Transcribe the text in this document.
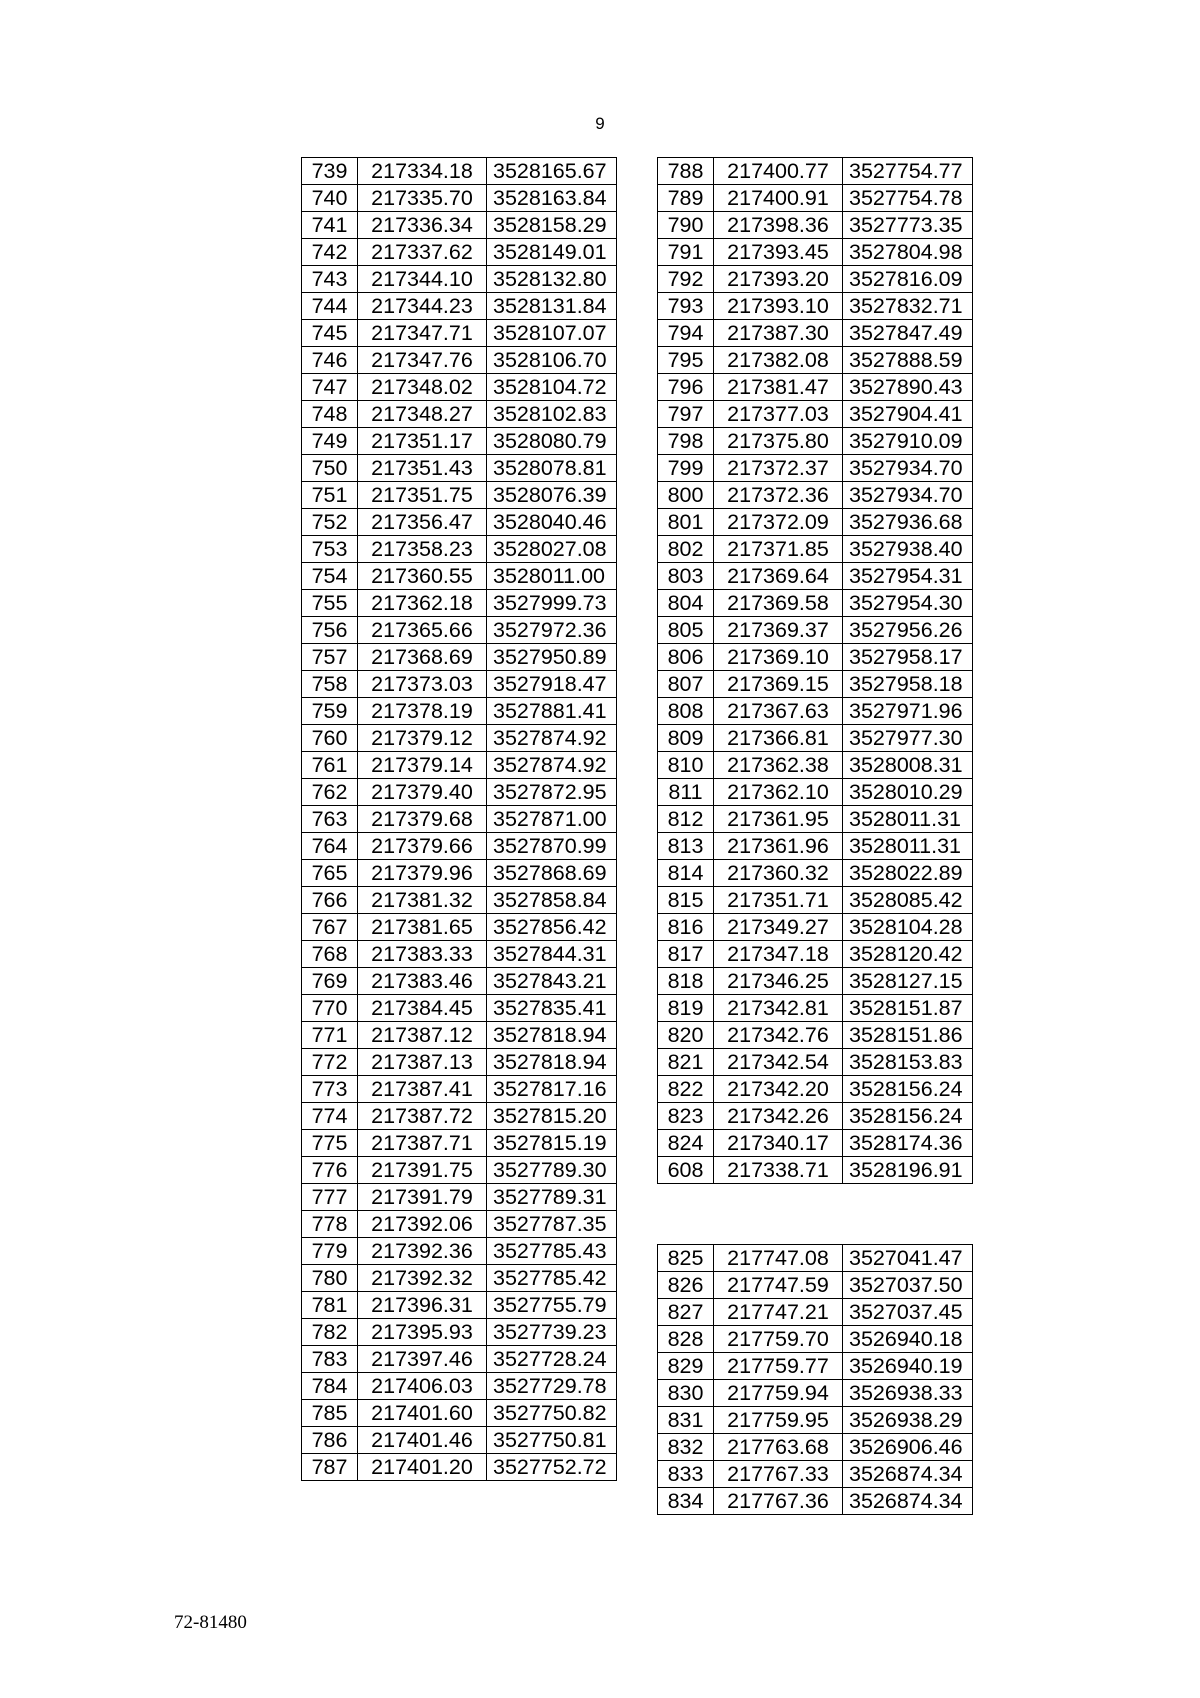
9
739	217334.18	3528165.67
740	217335.70	3528163.84
741	217336.34	3528158.29
742	217337.62	3528149.01
743	217344.10	3528132.80
744	217344.23	3528131.84
745	217347.71	3528107.07
746	217347.76	3528106.70
747	217348.02	3528104.72
748	217348.27	3528102.83
749	217351.17	3528080.79
750	217351.43	3528078.81
751	217351.75	3528076.39
752	217356.47	3528040.46
753	217358.23	3528027.08
754	217360.55	3528011.00
755	217362.18	3527999.73
756	217365.66	3527972.36
757	217368.69	3527950.89
758	217373.03	3527918.47
759	217378.19	3527881.41
760	217379.12	3527874.92
761	217379.14	3527874.92
762	217379.40	3527872.95
763	217379.68	3527871.00
764	217379.66	3527870.99
765	217379.96	3527868.69
766	217381.32	3527858.84
767	217381.65	3527856.42
768	217383.33	3527844.31
769	217383.46	3527843.21
770	217384.45	3527835.41
771	217387.12	3527818.94
772	217387.13	3527818.94
773	217387.41	3527817.16
774	217387.72	3527815.20
775	217387.71	3527815.19
776	217391.75	3527789.30
777	217391.79	3527789.31
778	217392.06	3527787.35
779	217392.36	3527785.43
780	217392.32	3527785.42
781	217396.31	3527755.79
782	217395.93	3527739.23
783	217397.46	3527728.24
784	217406.03	3527729.78
785	217401.60	3527750.82
786	217401.46	3527750.81
787	217401.20	3527752.72
788	217400.77	3527754.77
789	217400.91	3527754.78
790	217398.36	3527773.35
791	217393.45	3527804.98
792	217393.20	3527816.09
793	217393.10	3527832.71
794	217387.30	3527847.49
795	217382.08	3527888.59
796	217381.47	3527890.43
797	217377.03	3527904.41
798	217375.80	3527910.09
799	217372.37	3527934.70
800	217372.36	3527934.70
801	217372.09	3527936.68
802	217371.85	3527938.40
803	217369.64	3527954.31
804	217369.58	3527954.30
805	217369.37	3527956.26
806	217369.10	3527958.17
807	217369.15	3527958.18
808	217367.63	3527971.96
809	217366.81	3527977.30
810	217362.38	3528008.31
811	217362.10	3528010.29
812	217361.95	3528011.31
813	217361.96	3528011.31
814	217360.32	3528022.89
815	217351.71	3528085.42
816	217349.27	3528104.28
817	217347.18	3528120.42
818	217346.25	3528127.15
819	217342.81	3528151.87
820	217342.76	3528151.86
821	217342.54	3528153.83
822	217342.20	3528156.24
823	217342.26	3528156.24
824	217340.17	3528174.36
608	217338.71	3528196.91
825	217747.08	3527041.47
826	217747.59	3527037.50
827	217747.21	3527037.45
828	217759.70	3526940.18
829	217759.77	3526940.19
830	217759.94	3526938.33
831	217759.95	3526938.29
832	217763.68	3526906.46
833	217767.33	3526874.34
834	217767.36	3526874.34
72-81480
